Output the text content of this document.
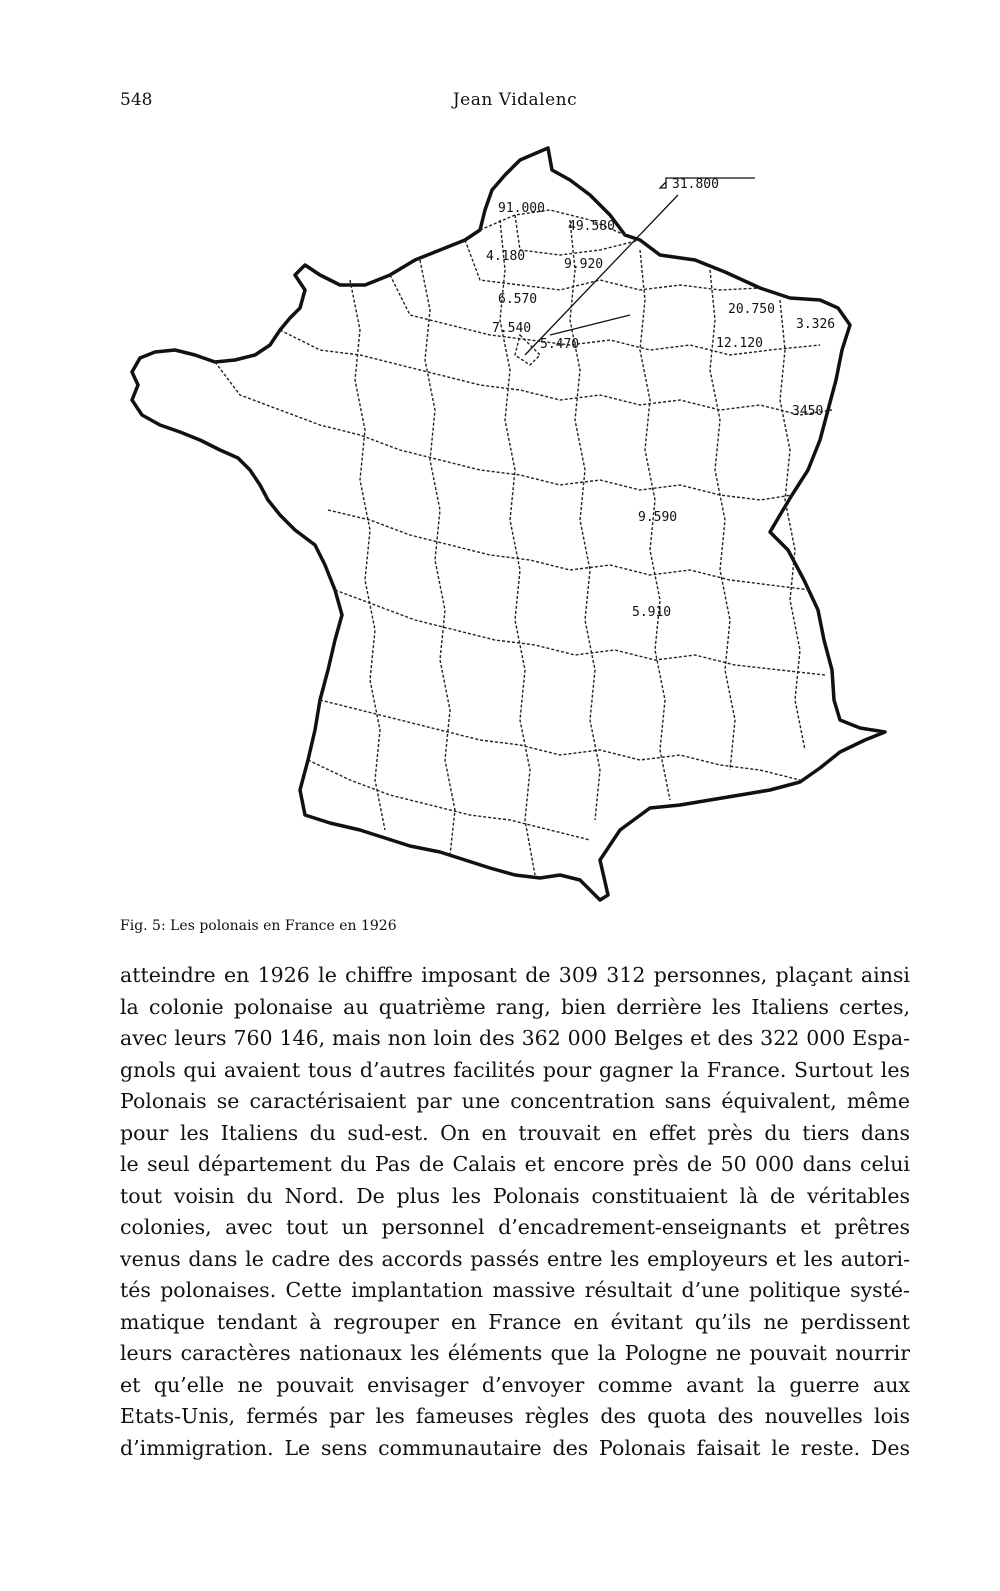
548	Jean Vidalenc
31.800
91.000
49.580
4.180
9.920
6.570
7.540
5.470
20.750
3.326
12.120
3450
9.590
5.910
Fig. 5: Les polonais en France en 1926
atteindre en 1926 le chiffre imposant de 309 312 personnes, plaçant ainsi
la colonie polonaise au quatrième rang, bien derrière les Italiens certes,
avec leurs 760 146, mais non loin des 362 000 Belges et des 322 000 Espa-
gnols qui avaient tous d’autres facilités pour gagner la France. Surtout les
Polonais se caractérisaient par une concentration sans équivalent, même
pour les Italiens du sud-est. On en trouvait en effet près du tiers dans
le seul département du Pas de Calais et encore près de 50 000 dans celui
tout voisin du Nord. De plus les Polonais constituaient là de véritables
colonies, avec tout un personnel d’encadrement-enseignants et prêtres
venus dans le cadre des accords passés entre les employeurs et les autori-
tés polonaises. Cette implantation massive résultait d’une politique systé-
matique tendant à regrouper en France en évitant qu’ils ne perdissent
leurs caractères nationaux les éléments que la Pologne ne pouvait nourrir
et qu’elle ne pouvait envisager d’envoyer comme avant la guerre aux
Etats-Unis, fermés par les fameuses règles des quota des nouvelles lois
d’immigration. Le sens communautaire des Polonais faisait le reste. Des
